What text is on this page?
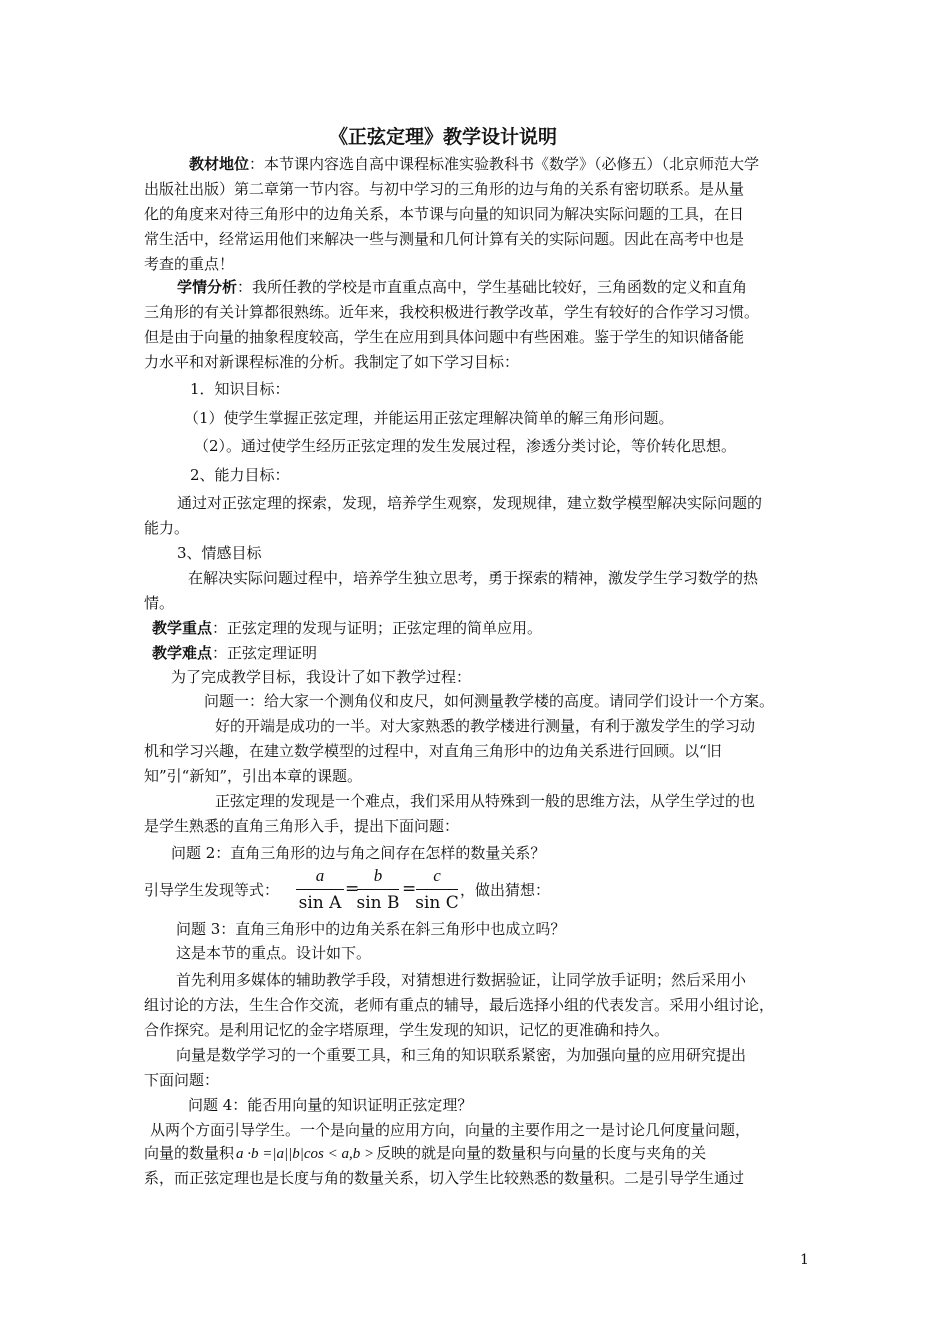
《正弦定理》教学设计说明
教材地位：本节课内容选自高中课程标准实验教科书《数学》（必修五）（北京师范大学
出版社出版）第二章第一节内容。与初中学习的三角形的边与角的关系有密切联系。是从量
化的角度来对待三角形中的边角关系，本节课与向量的知识同为解决实际问题的工具，在日
常生活中，经常运用他们来解决一些与测量和几何计算有关的实际问题。因此在高考中也是
考查的重点！
学情分析：我所任教的学校是市直重点高中，学生基础比较好，三角函数的定义和直角
三角形的有关计算都很熟练。近年来，我校积极进行教学改革，学生有较好的合作学习习惯。
但是由于向量的抽象程度较高，学生在应用到具体问题中有些困难。鉴于学生的知识储备能
力水平和对新课程标准的分析。我制定了如下学习目标：
1．知识目标：
（1）使学生掌握正弦定理，并能运用正弦定理解决简单的解三角形问题。
（2）。通过使学生经历正弦定理的发生发展过程，渗透分类讨论，等价转化思想。
2、能力目标：
通过对正弦定理的探索，发现，培养学生观察，发现规律，建立数学模型解决实际问题的
能力。
3、情感目标
在解决实际问题过程中，培养学生独立思考，勇于探索的精神，激发学生学习数学的热
情。
教学重点：正弦定理的发现与证明；正弦定理的简单应用。
教学难点：正弦定理证明
为了完成教学目标，我设计了如下教学过程：
问题一：给大家一个测角仪和皮尺，如何测量教学楼的高度。请同学们设计一个方案。
好的开端是成功的一半。对大家熟悉的教学楼进行测量，有利于激发学生的学习动
机和学习兴趣，在建立数学模型的过程中，对直角三角形中的边角关系进行回顾。以“旧
知”引“新知”，引出本章的课题。
正弦定理的发现是一个难点，我们采用从特殊到一般的思维方法，从学生学过的也
是学生熟悉的直角三角形入手，提出下面问题：
问题 2：直角三角形的边与角之间存在怎样的数量关系？
引导学生发现等式：
a
sin A
=
b
sin B
=
c
sin C
，做出猜想：
问题 3：直角三角形中的边角关系在斜三角形中也成立吗？
这是本节的重点。设计如下。
首先利用多媒体的辅助教学手段，对猜想进行数据验证，让同学放手证明；然后采用小
组讨论的方法，生生合作交流，老师有重点的辅导，最后选择小组的代表发言。采用小组讨论，
合作探究。是利用记忆的金字塔原理，学生发现的知识，记忆的更准确和持久。
向量是数学学习的一个重要工具，和三角的知识联系紧密，为加强向量的应用研究提出
下面问题：
问题 4：能否用向量的知识证明正弦定理？
从两个方面引导学生。一个是向量的应用方向，向量的主要作用之一是讨论几何度量问题，
向量的数量积 a ·b =|a||b|cos < a,b > 反映的就是向量的数量积与向量的长度与夹角的关
系，而正弦定理也是长度与角的数量关系，切入学生比较熟悉的数量积。二是引导学生通过
1
